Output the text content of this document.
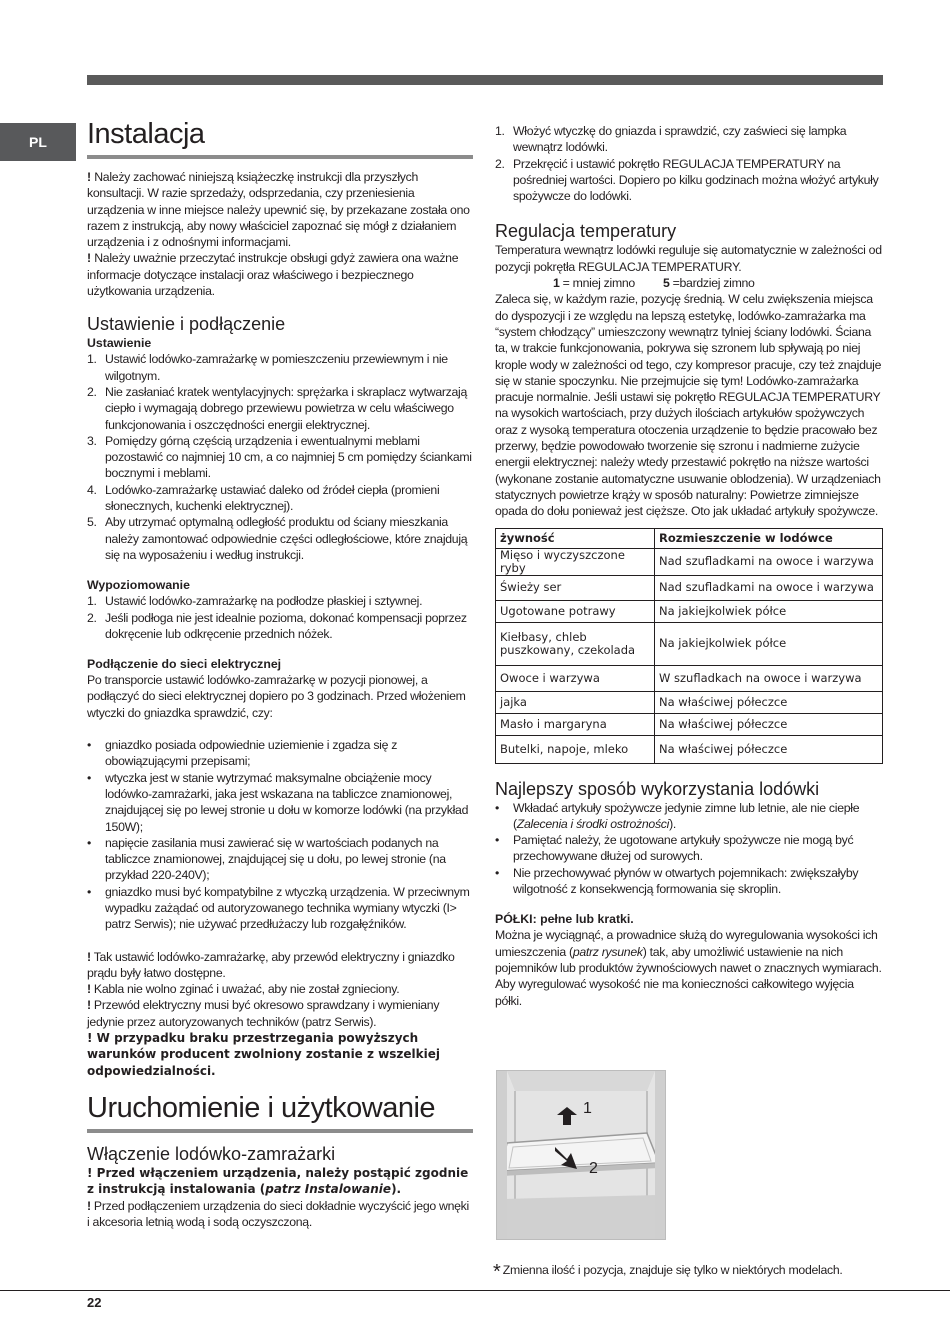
PL	Instalacja

! Należy zachować niniejszą książeczkę instrukcji dla przyszłych konsultacji. W razie sprzedaży, odsprzedania, czy przeniesienia urządzenia w inne miejsce należy upewnić się, by przekazane została ono razem z instrukcją, aby nowy właściciel zapoznać się mógł z działaniem urządzenia i z odnośnymi informacjami.

! Należy uważnie przeczytać instrukcje obsługi gdyż zawiera ona ważne informacje dotyczące instalacji oraz właściwego i bezpiecznego użytkowania urządzenia.

Ustawienie i podłączenie
Ustawienie
1. Ustawić lodówko-zamrażarkę w pomieszczeniu przewiewnym i nie wilgotnym.
2. Nie zasłaniać kratek wentylacyjnych: sprężarka i skraplacz wytwarzają ciepło i wymagają dobrego przewiewu powietrza w celu właściwego funkcjonowania i oszczędności energii elektrycznej.
3. Pomiędzy górną częścią urządzenia i ewentualnymi meblami pozostawić co najmniej 10 cm, a co najmniej 5 cm pomiędzy ściankami bocznymi i meblami.
4. Lodówko-zamrażarkę ustawiać daleko od źródeł ciepła (promieni słonecznych, kuchenki elektrycznej).
5. Aby utrzymać optymalną odległość produktu od ściany mieszkania należy zamontować odpowiednie części odległościowe, które znajdują się na wyposażeniu i według instrukcji.
Wypoziomowanie
1. Ustawić lodówko-zamrażarkę na podłodze płaskiej i sztywnej.
2. Jeśli podłoga nie jest idealnie pozioma, dokonać kompensacji poprzez dokręcenie lub odkręcenie przednich nóżek.
Podłączenie do sieci elektrycznej

Po transporcie ustawić lodówko-zamrażarkę w pozycji pionowej, a podłączyć do sieci elektrycznej dopiero po 3 godzinach. Przed włożeniem wtyczki do gniazdka sprawdzić, czy:

• gniazdko posiada odpowiednie uziemienie i zgadza się z obowiązującymi przepisami;
• wtyczka jest w stanie wytrzymać maksymalne obciążenie mocy lodówko-zamrażarki, jaka jest wskazana na tabliczce znamionowej, znajdującej się po lewej stronie u dołu w komorze lodówki (na przykład 150W);
• napięcie zasilania musi zawierać się w wartościach podanych na tabliczce znamionowej, znajdującej się u dołu, po lewej stronie (na przykład 220-240V);
• gniazdko musi być kompatybilne z wtyczką urządzenia. W przeciwnym wypadku zażądać od autoryzowanego technika wymiany wtyczki (I> patrz Serwis); nie używać przedłużaczy lub rozgałęźników.

! Tak ustawić lodówko-zamrażarkę, aby przewód elektryczny i gniazdko prądu były łatwo dostępne.

! Kabla nie wolno zginać i uważać, aby nie został zgnieciony.

! Przewód elektryczny musi być okresowo sprawdzany i wymieniany jedynie przez autoryzowanych techników (patrz Serwis).

! W przypadku braku przestrzegania powyższych warunków producent zwolniony zostanie z wszelkiej odpowiedzialności.

Uruchomienie i użytkowanie
Włączenie lodówko-zamrażarki

! Przed włączeniem urządzenia, należy postąpić zgodnie z instrukcją instalowania (patrz Instalowanie).

! Przed podłączeniem urządzenia do sieci dokładnie wyczyścić jego wnęki i akcesoria letnią wodą i sodą oczyszczoną.

1. Włożyć wtyczkę do gniazda i sprawdzić, czy zaświeci się lampka wewnątrz lodówki.
2. Przekręcić i ustawić pokrętło REGULACJA TEMPERATURY na pośredniej wartości. Dopiero po kilku godzinach można włożyć artykuły spożywcze do lodówki.
Regulacja temperatury

Temperatura wewnątrz lodówki reguluje się automatycznie w zależności od pozycji pokrętła REGULACJA TEMPERATURY.

1 = mniej zimno 5 =bardziej zimno

Zaleca się, w każdym razie, pozycję średnią. W celu zwiększenia miejsca do dyspozycji i ze względu na lepszą estetykę, lodówko-zamrażarka ma “system chłodzący” umieszczony wewnątrz tylniej ściany lodówki. Ściana ta, w trakcie funkcjonowania, pokrywa się szronem lub spływają po niej krople wody w zależności od tego, czy kompresor pracuje, czy też znajduje się w stanie spoczynku. Nie przejmujcie się tym! Lodówko-zamrażarka pracuje normalnie. Jeśli ustawi się pokrętło REGULACJA TEMPERATURY na wysokich wartościach, przy dużych ilościach artykułów spożywczych oraz z wysoką temperatura otoczenia urządzenie to będzie pracowało bez przerwy, będzie powodowało tworzenie się szronu i nadmierne zużycie energii elektrycznej: należy wtedy przestawić pokrętło na niższe wartości (wykonane zostanie automatyczne usuwanie oblodzenia). W urządzeniach statycznych powietrze krąży w sposób naturalny: Powietrze zimniejsze opada do dołu ponieważ jest cięższe. Oto jak układać artykuły spożywcze.

żywność	Rozmieszczenie w lodówce
Mięso i wyczyszczone ryby	Nad szufladkami na owoce i warzywa
Świeży ser	Nad szufladkami na owoce i warzywa
Ugotowane potrawy	Na jakiejkolwiek półce
Kiełbasy, chleb puszkowany, czekolada	Na jakiejkolwiek półce
Owoce i warzywa	W szufladkach na owoce i warzywa
jajka	Na właściwej półeczce
Masło i margaryna	Na właściwej półeczce
Butelki, napoje, mleko	Na właściwej półeczce
Najlepszy sposób wykorzystania lodówki
• Wkładać artykuły spożywcze jedynie zimne lub letnie, ale nie ciepłe (Zalecenia i środki ostrożności).
• Pamiętać należy, że ugotowane artykuły spożywcze nie mogą być przechowywane dłużej od surowych.
• Nie przechowywać płynów w otwartych pojemnikach: zwiększałyby wilgotność z konsekwencją formowania się skroplin.
PÓŁKI: pełne lub kratki.

Można je wyciągnąć, a prowadnice służą do wyregulowania wysokości ich umieszczenia (patrz rysunek) tak, aby umożliwić ustawienie na nich pojemników lub produktów żywnościowych nawet o znacznych wymiarach. Aby wyregulować wysokość nie ma konieczności całkowitego wyjęcia półki.

1
2
* Zmienna ilość i pozycja, znajduje się tylko w niektórych modelach.
22
